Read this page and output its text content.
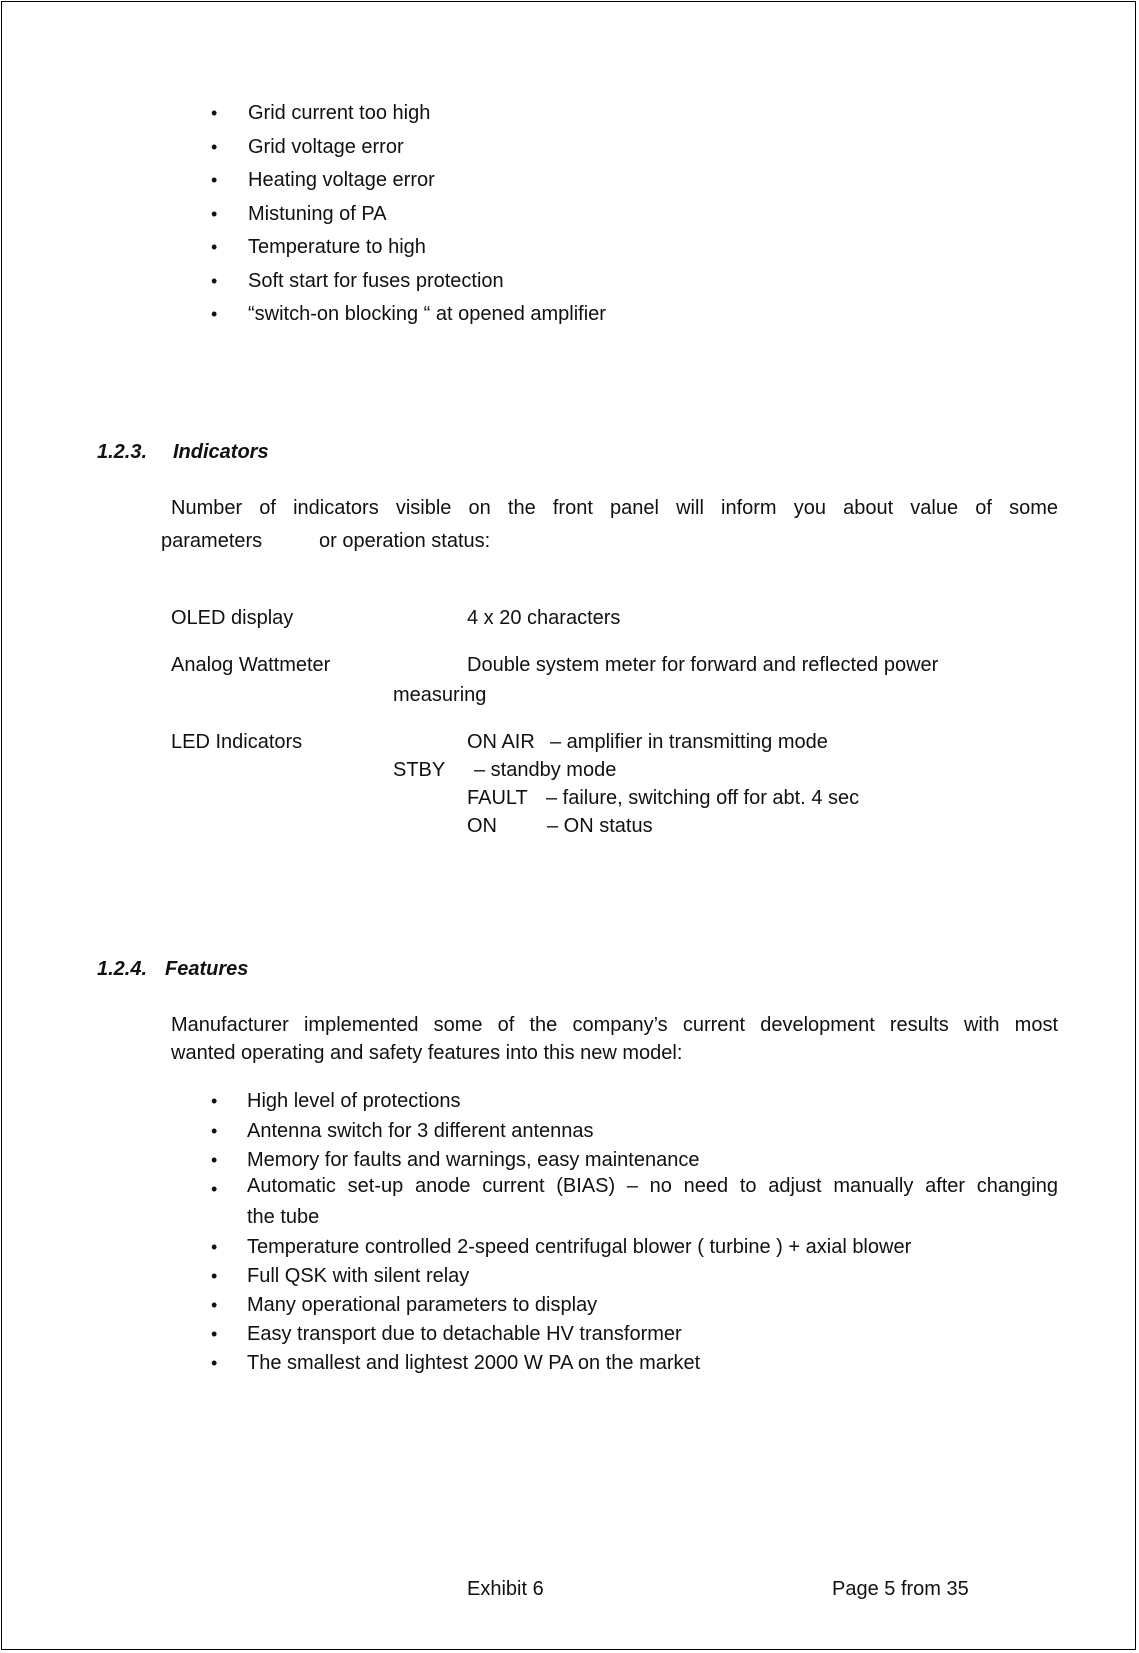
• Grid current too high
• Grid voltage error
• Heating voltage error
• Mistuning of PA
• Temperature to high
• Soft start for fuses protection
• “switch-on blocking “ at opened amplifier
1.2.3. Indicators
Number of indicators visible on the front panel will inform you about value of some
parameters	or operation status:
OLED display	4 x 20 characters
Analog Wattmeter	Double system meter for forward and reflected power
measuring
LED Indicators	ON AIR – amplifier in transmitting mode
STBY – standby mode
FAULT – failure, switching off for abt. 4 sec
ON	– ON status
1.2.4. Features
Manufacturer implemented some of the company’s current development results with most
wanted operating and safety features into this new model:
• High level of protections
• Antenna switch for 3 different antennas
• Memory for faults and warnings, easy maintenance
• Automatic set-up anode current (BIAS) – no need to adjust manually after changing
the tube
• Temperature controlled 2-speed centrifugal blower ( turbine ) + axial blower
• Full QSK with silent relay
• Many operational parameters to display
• Easy transport due to detachable HV transformer
• The smallest and lightest 2000 W PA on the market
Exhibit 6	Page 5 from 35
